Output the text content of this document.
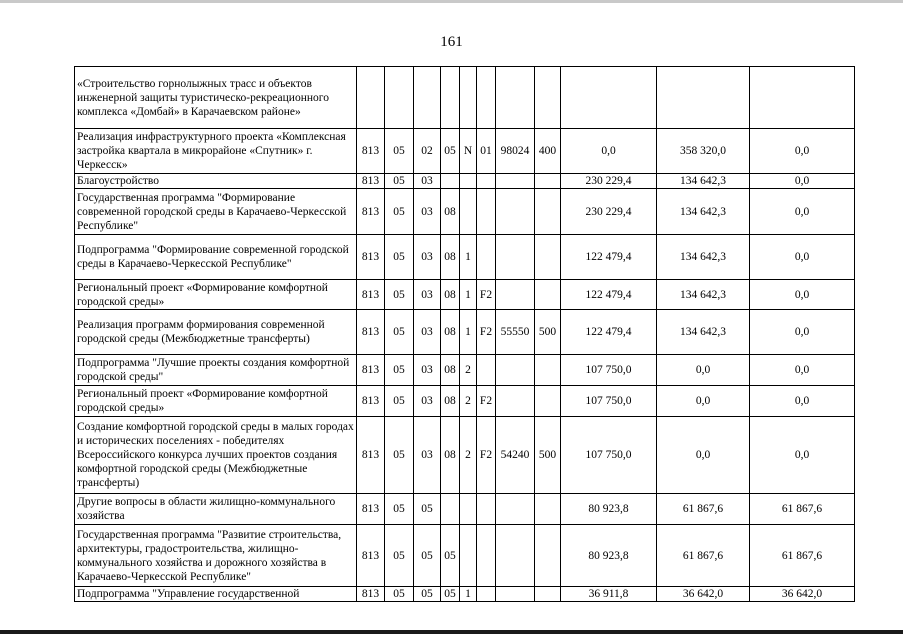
161
«Строительство горнолыжных трасс и объектов инженерной защиты туристическо-рекреационного комплекса «Домбай» в Карачаевском районе»											
Реализация инфраструктурного проекта «Комплексная застройка квартала в микрорайоне «Спутник» г. Черкесск»	813	05	02	05	N	01	98024	400	0,0	358 320,0	0,0
Благоустройство	813	05	03						230 229,4	134 642,3	0,0
Государственная программа "Формирование современной городской среды в Карачаево-Черкесской Республике"	813	05	03	08					230 229,4	134 642,3	0,0
Подпрограмма "Формирование современной городской среды в Карачаево-Черкесской Республике"	813	05	03	08	1				122 479,4	134 642,3	0,0
Региональный проект «Формирование комфортной городской среды»	813	05	03	08	1	F2			122 479,4	134 642,3	0,0
Реализация программ формирования современной городской среды (Межбюджетные трансферты)	813	05	03	08	1	F2	55550	500	122 479,4	134 642,3	0,0
Подпрограмма "Лучшие проекты создания комфортной городской среды"	813	05	03	08	2				107 750,0	0,0	0,0
Региональный проект «Формирование комфортной городской среды»	813	05	03	08	2	F2			107 750,0	0,0	0,0
Создание комфортной городской среды в малых городах и исторических поселениях - победителях Всероссийского конкурса лучших проектов создания комфортной городской среды (Межбюджетные трансферты)	813	05	03	08	2	F2	54240	500	107 750,0	0,0	0,0
Другие вопросы в области жилищно-коммунального хозяйства	813	05	05						80 923,8	61 867,6	61 867,6
Государственная программа "Развитие строительства, архитектуры, градостроительства, жилищно-коммунального хозяйства и дорожного хозяйства в Карачаево-Черкесской Республике"	813	05	05	05					80 923,8	61 867,6	61 867,6
Подпрограмма "Управление государственной	813	05	05	05	1				36 911,8	36 642,0	36 642,0
